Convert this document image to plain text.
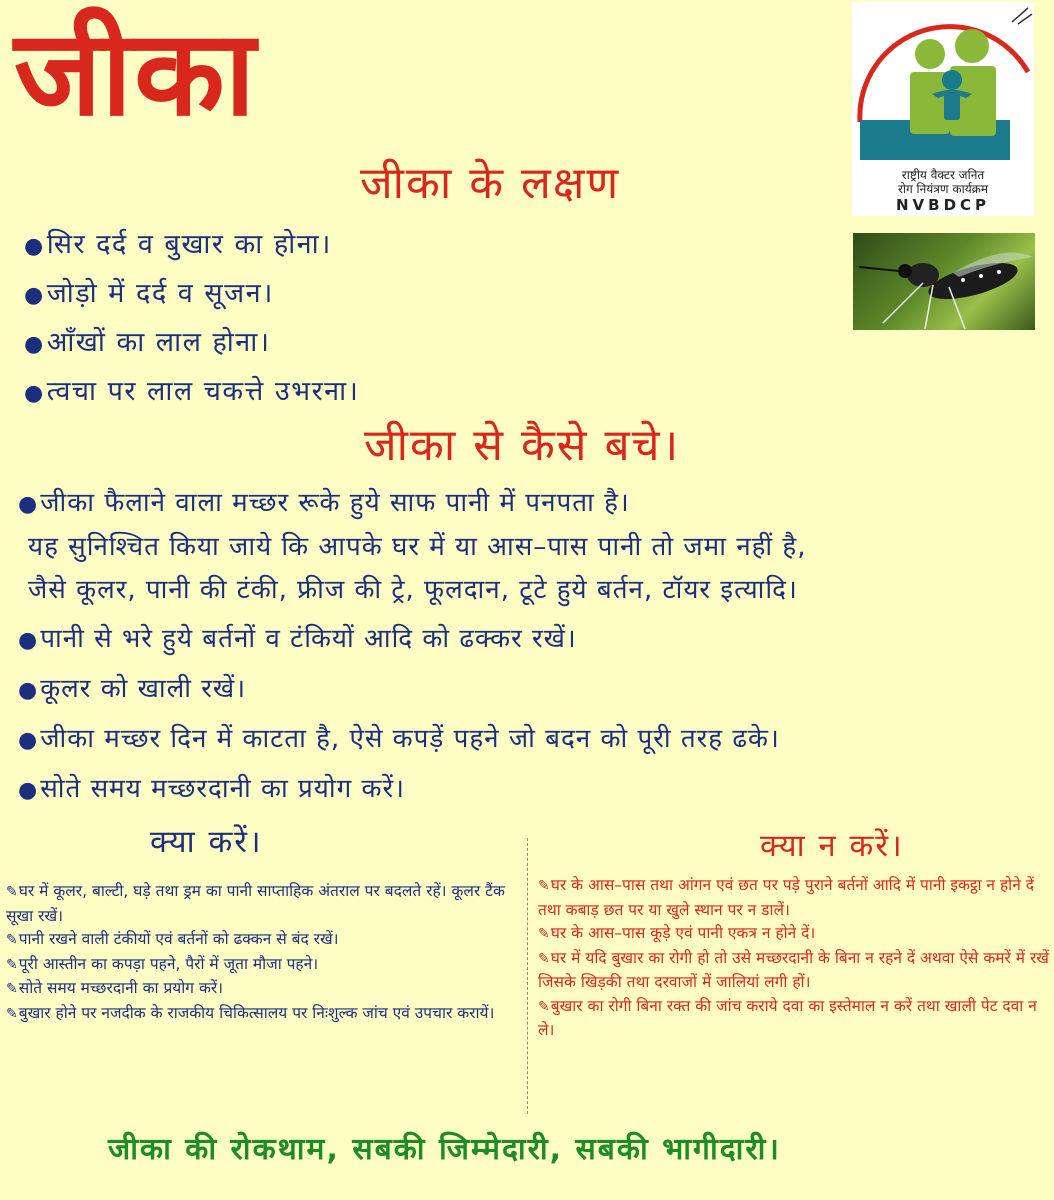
जीका
राष्ट्रीय वैक्टर जनित
रोग नियंत्रण कार्यक्रम
NVBDCP
जीका के लक्षण
●सिर दर्द व बुखार का होना।
●जोड़ो में दर्द व सूजन।
●आँखों का लाल होना।
●त्वचा पर लाल चकत्ते उभरना।
जीका से कैसे बचे।
●जीका फैलाने वाला मच्छर रूके हुये साफ पानी में पनपता है।
यह सुनिश्चित किया जाये कि आपके घर में या आस–पास पानी तो जमा नहीं है,
जैसे कूलर, पानी की टंकी, फ्रीज की ट्रे, फूलदान, टूटे हुये बर्तन, टॉयर इत्यादि।
●पानी से भरे हुये बर्तनों व टंकियों आदि को ढक्कर रखें।
●कूलर को खाली रखें।
●जीका मच्छर दिन में काटता है, ऐसे कपड़ें पहने जो बदन को पूरी तरह ढके।
●सोते समय मच्छरदानी का प्रयोग करें।
क्या करें।	क्या न करें।
✎घर में कूलर, बाल्टी, घड़े तथा ड्रम का पानी साप्ताहिक अंतराल पर बदलते रहें। कूलर टैंक सूखा रखें।
✎पानी रखने वाली टंकीयों एवं बर्तनों को ढक्कन से बंद रखें।
✎पूरी आस्तीन का कपड़ा पहने, पैरों में जूता मौजा पहने।
✎सोते समय मच्छरदानी का प्रयोग करें।
✎बुखार होने पर नजदीक के राजकीय चिकित्सालय पर निःशुल्क जांच एवं उपचार करायें।
✎घर के आस–पास तथा आंगन एवं छत पर पड़े पुराने बर्तनों आदि में पानी इकट्ठा न होने दें तथा कबाड़ छत पर या खुले स्थान पर न डालें।
✎घर के आस–पास कूड़े एवं पानी एकत्र न होने दें।
✎घर में यदि बुखार का रोगी हो तो उसे मच्छरदानी के बिना न रहने दें अथवा ऐसे कमरें में रखें जिसके खिड़की तथा दरवाजों में जालियां लगी हों।
✎बुखार का रोगी बिना रक्त की जांच कराये दवा का इस्तेमाल न करें तथा खाली पेट दवा न ले।
जीका की रोकथाम, सबकी जिम्मेदारी, सबकी भागीदारी।
